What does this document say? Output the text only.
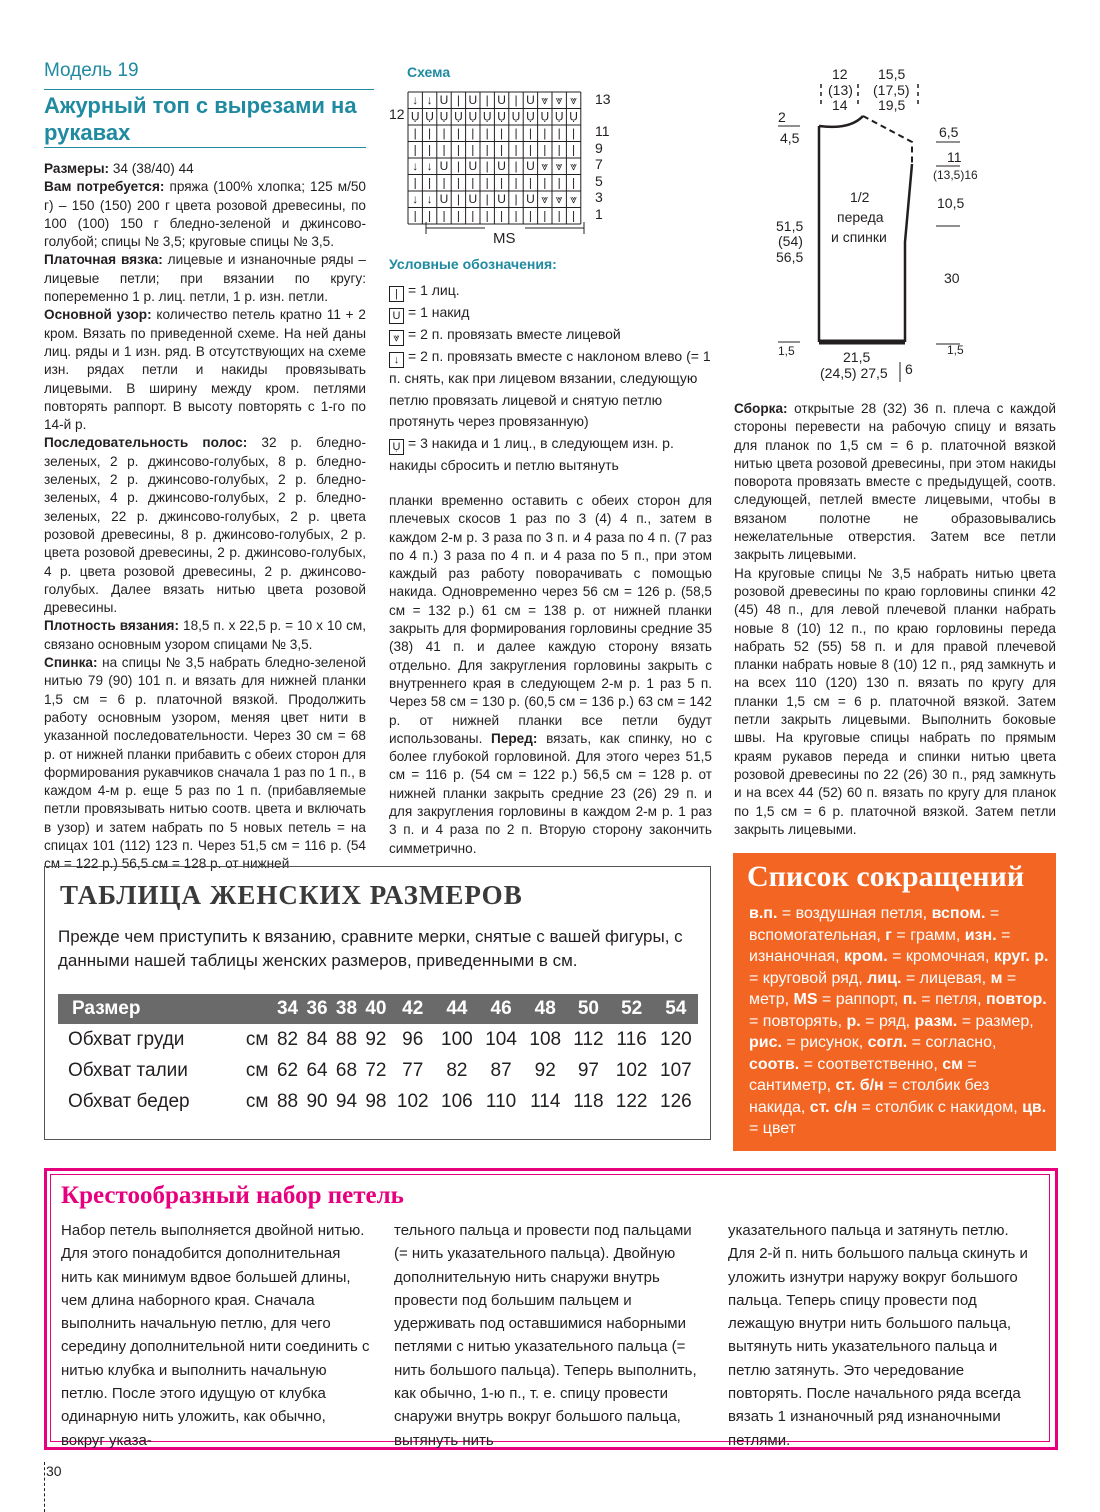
Модель 19
Ажурный топ с вырезами на рукавах

Размеры: 34 (38/40) 44

Вам потребуется: пряжа (100% хлопка; 125 м/50 г) – 150 (150) 200 г цвета розовой древесины, по 100 (100) 150 г бледно-зеленой и джинсово-голубой; спицы № 3,5; круговые спицы № 3,5.

Платочная вязка: лицевые и изнаночные ряды – лицевые петли; при вязании по кругу: попеременно 1 р. лиц. петли, 1 р. изн. петли.

Основной узор: количество петель кратно 11 + 2 кром. Вязать по приведенной схеме. На ней даны лиц. ряды и 1 изн. ряд. В отсутствующих на схеме изн. рядах петли и накиды провязывать лицевыми. В ширину между кром. петлями повторять раппорт. В высоту повторять с 1-го по 14-й р.

Последовательность полос: 32 р. бледно-зеленых, 2 р. джинсово-голубых, 8 р. бледно-зеленых, 2 р. джинсово-голубых, 2 р. бледно-зеленых, 4 р. джинсово-голубых, 2 р. бледно-зеленых, 22 р. джинсово-голубых, 2 р. цвета розовой древесины, 8 р. джинсово-голубых, 2 р. цвета розовой древесины, 2 р. джинсово-голубых, 4 р. цвета розовой древесины, 2 р. джинсово-голубых. Далее вязать нитью цвета розовой древесины.

Плотность вязания: 18,5 п. х 22,5 р. = 10 х 10 см, связано основным узором спицами № 3,5.

Спинка: на спицы № 3,5 набрать бледно-зеленой нитью 79 (90) 101 п. и вязать для нижней планки 1,5 см = 6 р. платочной вязкой. Продолжить работу основным узором, меняя цвет нити в указанной последовательности. Через 30 см = 68 р. от нижней планки прибавить с обеих сторон для формирования рукавчиков сначала 1 раз по 1 п., в каждом 4-м р. еще 5 раз по 1 п. (прибавляемые петли провязывать нитью соотв. цвета и включать в узор) и затем набрать по 5 новых петель = на спицах 101 (112) 123 п. Через 51,5 см = 116 р. (54 см = 122 р.) 56,5 см = 128 р. от нижней

Схема
↓ ↓ U | U | U | U ⩔ ⩔ ⩔
Ụ Ụ Ụ Ụ Ụ Ụ Ụ Ụ Ụ Ụ Ụ Ụ
| | | | | | | | | | | |
| | | | | | | | | | | |
↓ ↓ U | U | U | U ⩔ ⩔ ⩔
| | | | | | | | | | | |
↓ ↓ U | U | U | U ⩔ ⩔ ⩔
| | | | | | | | | | | |
12
13
11
9
7
5
3
1
MS
Условные обозначения:
| = 1 лиц.
U = 1 накид
⩔ = 2 п. провязать вместе лицевой
↓ = 2 п. провязать вместе с наклоном влево (= 1 п. снять, как при лицевом вязании, следующую петлю провязать лицевой и снятую петлю протянуть через провязанную)
Ụ = 3 накида и 1 лиц., в следующем изн. р. накиды сбросить и петлю вытянуть

планки временно оставить с обеих сторон для плечевых скосов 1 раз по 3 (4) 4 п., затем в каждом 2-м р. 3 раза по 3 п. и 4 раза по 4 п. (7 раз по 4 п.) 3 раза по 4 п. и 4 раза по 5 п., при этом каждый раз работу поворачивать с помощью накида. Одновременно через 56 см = 126 р. (58,5 см = 132 р.) 61 см = 138 р. от нижней планки закрыть для формирования горловины средние 35 (38) 41 п. и далее каждую сторону вязать отдельно. Для закругления горловины закрыть с внутреннего края в следующем 2-м р. 1 раз 5 п. Через 58 см = 130 р. (60,5 см = 136 р.) 63 см = 142 р. от нижней планки все петли будут использованы. Перед: вязать, как спинку, но с более глубокой горловиной. Для этого через 51,5 см = 116 р. (54 см = 122 р.) 56,5 см = 128 р. от нижней планки закрыть средние 23 (26) 29 п. и для закругления горловины в каждом 2-м р. 1 раз 3 п. и 4 раза по 2 п. Вторую сторону закончить симметрично.

12
(13)
14
15,5
(17,5)
19,5
2
4,5	6,5
11
(13,5)16
10,5
1/2
переда
и спинки
51,5
(54)
56,5
30
1,5	1,5
21,5
(24,5) 27,5 6

Сборка: открытые 28 (32) 36 п. плеча с каждой стороны перевести на рабочую спицу и вязать для планок по 1,5 см = 6 р. платочной вязкой нитью цвета розовой древесины, при этом накиды поворота провязать вместе с предыдущей, соотв. следующей, петлей вместе лицевыми, чтобы в вязаном полотне не образовывались нежелательные отверстия. Затем все петли закрыть лицевыми.

На круговые спицы № 3,5 набрать нитью цвета розовой древесины по краю горловины спинки 42 (45) 48 п., для левой плечевой планки набрать новые 8 (10) 12 п., по краю горловины переда набрать 52 (55) 58 п. и для правой плечевой планки набрать новые 8 (10) 12 п., ряд замкнуть и на всех 110 (120) 130 п. вязать по кругу для планки 1,5 см = 6 р. платочной вязкой. Затем петли закрыть лицевыми. Выполнить боковые швы. На круговые спицы набрать по прямым краям рукавов переда и спинки нитью цвета розовой древесины по 22 (26) 30 п., ряд замкнуть и на всех 44 (52) 60 п. вязать по кругу для планок по 1,5 см = 6 р. платочной вязкой. Затем петли закрыть лицевыми.

ТАБЛИЦА ЖЕНСКИХ РАЗМЕРОВ
Прежде чем приступить к вязанию, сравните мерки, снятые с вашей фигуры, с данными нашей таблицы женских размеров, приведенными в см.
Размер		34	36	38	40	42	44	46	48	50	52	54
Обхват груди	см	82	84	88	92	96	100	104	108	112	116	120
Обхват талии	см	62	64	68	72	77	82	87	92	97	102	107
Обхват бедер	см	88	90	94	98	102	106	110	114	118	122	126
Список сокращений
в.п. = воздушная петля, вспом. = вспомогательная, г = грамм, изн. = изнаночная, кром. = кромочная, круг. р. = круговой ряд, лиц. = лицевая, м = метр, MS = раппорт, п. = петля, повтор. = повторять, р. = ряд, разм. = размер, рис. = рисунок, согл. = согласно, соотв. = соответственно, см = сантиметр, ст. б/н = столбик без накида, ст. с/н = столбик с накидом, цв. = цвет
Крестообразный набор петель
Набор петель выполняется двойной нитью. Для этого понадобится дополнительная нить как минимум вдвое большей длины, чем длина наборного края. Сначала выполнить начальную петлю, для чего середину дополнительной нити соединить с нитью клубка и выполнить начальную петлю. После этого идущую от клубка одинарную нить уложить, как обычно, вокруг указа-
тельного пальца и провести под пальцами (= нить указательного пальца). Двойную дополнительную нить снаружи внутрь провести под большим пальцем и удерживать под оставшимися наборными петлями с нитью указательного пальца (= нить большого пальца). Теперь выполнить, как обычно, 1-ю п., т. е. спицу провести снаружи внутрь вокруг большого пальца, вытянуть нить
указательного пальца и затянуть петлю. Для 2-й п. нить большого пальца скинуть и уложить изнутри наружу вокруг большого пальца. Теперь спицу провести под лежащую внутри нить большого пальца, вытянуть нить указательного пальца и петлю затянуть. Это чередование повторять. После начального ряда всегда вязать 1 изнаночный ряд изнаночными петлями.
30
